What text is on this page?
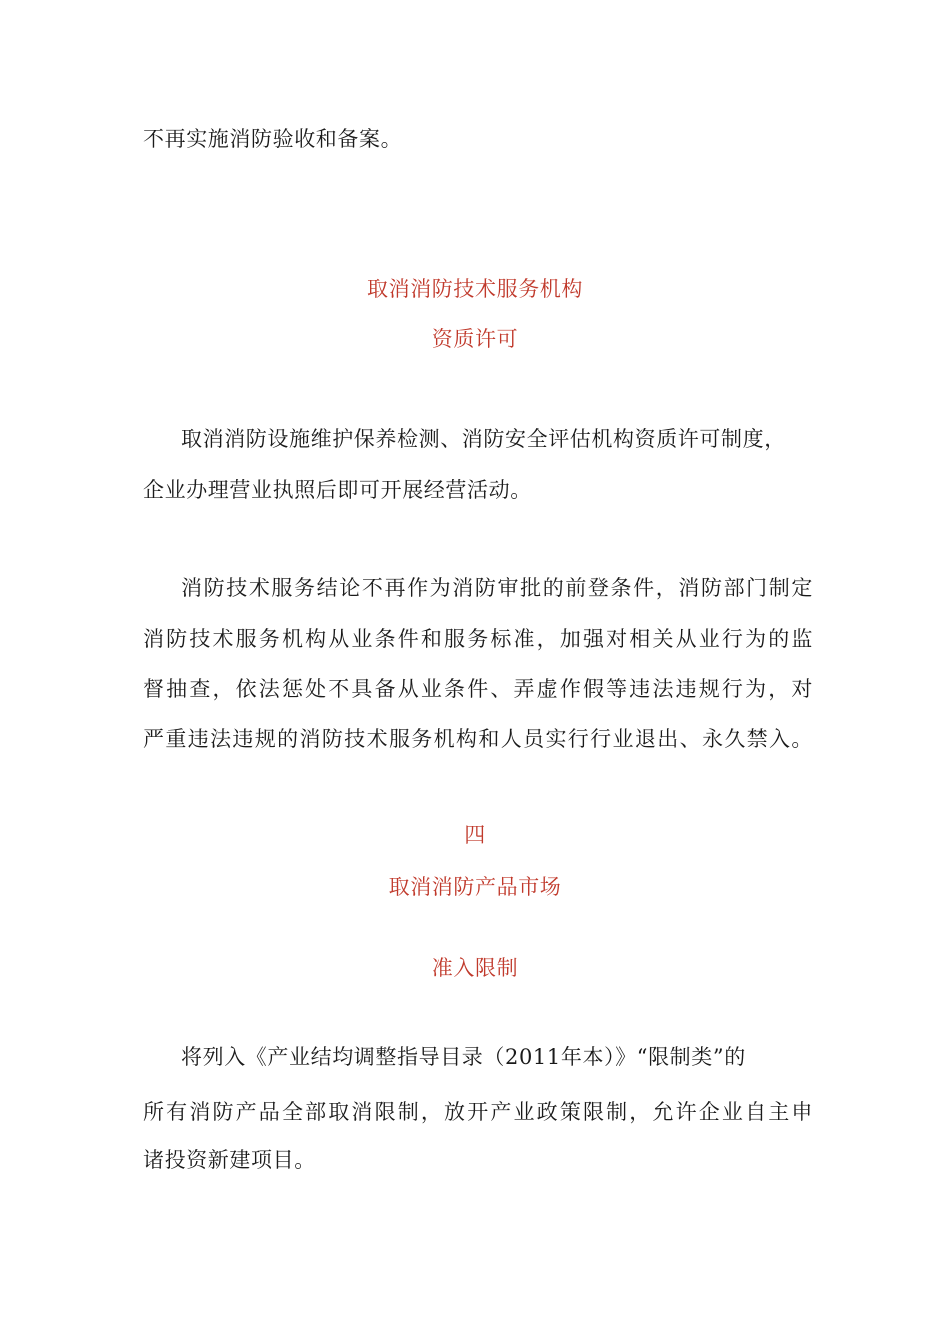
不再实施消防验收和备案。
取消消防技术服务机构
资质许可
取消消防设施维护保养检测、消防安全评估机构资质许可制度，
企业办理营业执照后即可开展经营活动。
消防技术服务结论不再作为消防审批的前登条件，消防部门制定
消防技术服务机构从业条件和服务标准，加强对相关从业行为的监
督抽查，依法惩处不具备从业条件、弄虚作假等违法违规行为，对
严重违法违规的消防技术服务机构和人员实行行业退出、永久禁入。
四
取消消防产品市场
准入限制
将列入《产业结均调整指导目录（2011年本）》“限制类”的
所有消防产品全部取消限制，放开产业政策限制，允许企业自主申
诸投资新建项目。
